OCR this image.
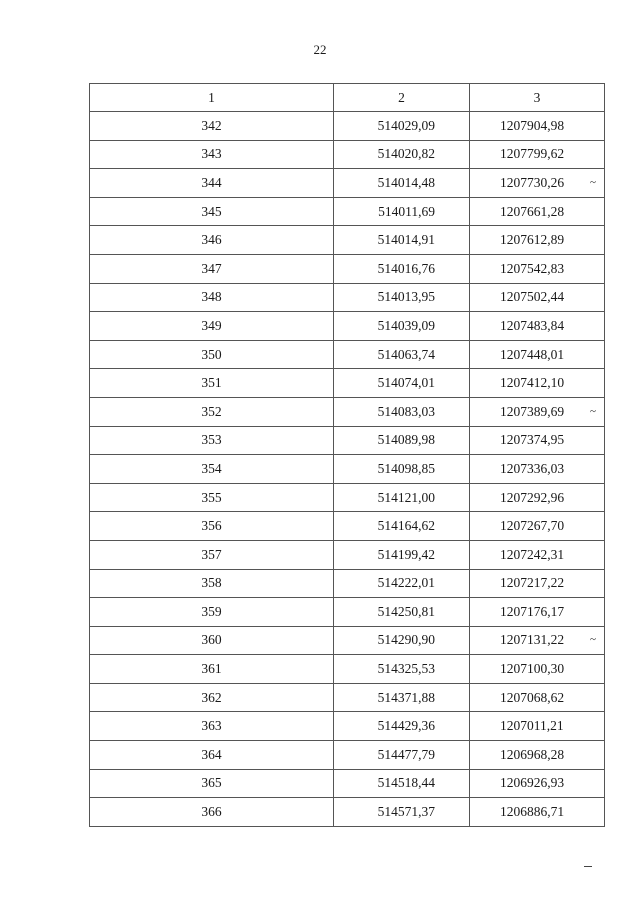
22
1	2	3
342	514029,09	1207904,98
343	514020,82	1207799,62
344	514014,48	1207730,26 ~

345	514011,69	1207661,28
346	514014,91	1207612,89
347	514016,76	1207542,83
348	514013,95	1207502,44
349	514039,09	1207483,84
350	514063,74	1207448,01
351	514074,01	1207412,10
352	514083,03	1207389,69 ~

353	514089,98	1207374,95
354	514098,85	1207336,03
355	514121,00	1207292,96
356	514164,62	1207267,70
357	514199,42	1207242,31
358	514222,01	1207217,22
359	514250,81	1207176,17
360	514290,90	1207131,22 ~

361	514325,53	1207100,30
362	514371,88	1207068,62
363	514429,36	1207011,21
364	514477,79	1206968,28
365	514518,44	1206926,93
366	514571,37	1206886,71
